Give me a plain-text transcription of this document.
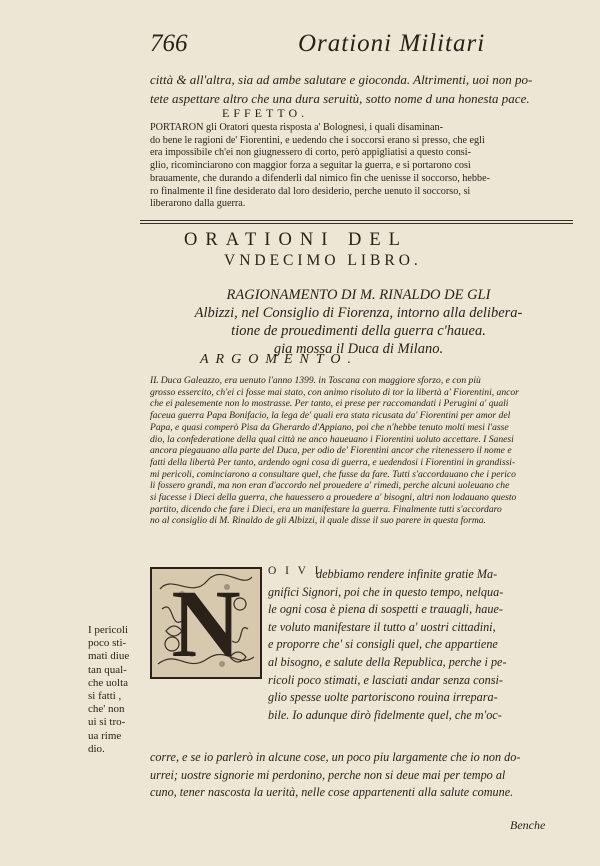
766	Orationi Militari
città & all'altra, sia ad ambe salutare e gioconda. Altrimenti, uoi non po-
tete aspettare altro che una dura seruitù, sotto nome d una honesta pace.
EFFETTO.
PORTARON gli Oratori questa risposta a' Bolognesi, i quali disaminan-
do bene le ragioni de' Fiorentini, e uedendo che i soccorsi erano si presso, che egli
era impossibile ch'ei non giugnessero di corto, però appigliatisi a questo consi-
glio, ricominciarono con maggior forza a seguitar la guerra, e si portarono così
brauamente, che durando a difenderli dal nimico fin che uenisse il soccorso, hebbe-
ro finalmente il fine desiderato dal loro desiderio, perche uenuto il soccorso, si
liberarono dalla guerra.
ORATIONI DEL
VNDECIMO LIBRO.
RAGIONAMENTO DI M. RINALDO DE GLI
Albizzi, nel Consiglio di Fiorenza, intorno alla delibera-
tione de prouedimenti della guerra c'hauea.
gia mossa il Duca di Milano.
ARGOMENTO.
IL Duca Galeazzo, era uenuto l'anno 1399. in Toscana con maggiore sforzo, e con più
grosso essercito, ch'ei ci fosse mai stato, con animo risoluto di tor la libertà a' Fiorentini, ancor
che ei palesemente non lo mostrasse. Per tanto, ei prese per raccomandati i Perugini a' quali
faceua guerra Papa Bonifacio, la lega de' quali era stata ricusata da' Fiorentini per amor del
Papa, e quasi comperò Pisa da Gherardo d'Appiano, poi che n'hebbe tenuto molti mesi l'asse
dio, la confederatione della qual città ne anco haueuano i Fiorentini uoluto accettare. I Sanesi
ancora piegauano alla parte del Duca, per odio de' Fiorentini ancor che ritenessero il nome e
fatti della libertà Per tanto, ardendo ogni cosa di guerra, e uedendosi i Fiorentini in grandissi-
mi pericoli, cominciarono a consultare quel, che fusse da fare. Tutti s'accordauano che i perico
li fossero grandi, ma non eran d'accordo nel prouedere a' rimedi, perche alcuni uoleuano che
si facesse i Dieci della guerra, che hauessero a prouedere a' bisogni, altri non lodauano questo
partito, dicendo che fare i Dieci, era un manifestare la guerra. Finalmente tutti s'accordaro
no al consiglio di M. Rinaldo de gli Albizzi, il quale disse il suo parere in questa forma.
N	O I V I
debbiamo rendere infinite gratie Ma-
gnifici Signori, poi che in questo tempo, nelqua-
le ogni cosa è piena di sospetti e trauagli, haue-
te voluto manifestare il tutto a' uostri cittadini,
e proporre che' si consigli quel, che appartiene
al bisogno, e salute della Republica, perche i pe-
ricoli poco stimati, e lasciati andar senza consi-
glio spesse uolte partoriscono rouina irrepara-
bile. Io adunque dirò fidelmente quel, che m'oc-
corre, e se io parlerò in alcune cose, un poco piu largamente che io non do-
urrei; uostre signorie mi perdonino, perche non si deue mai per tempo al
cuno, tener nascosta la uerità, nelle cose appartenenti alla salute comune.
I pericoli
poco sti-
mati diue
tan qual-
che uolta
si fatti ,
che' non
ui si tro-
ua rime
dio.
Benche
